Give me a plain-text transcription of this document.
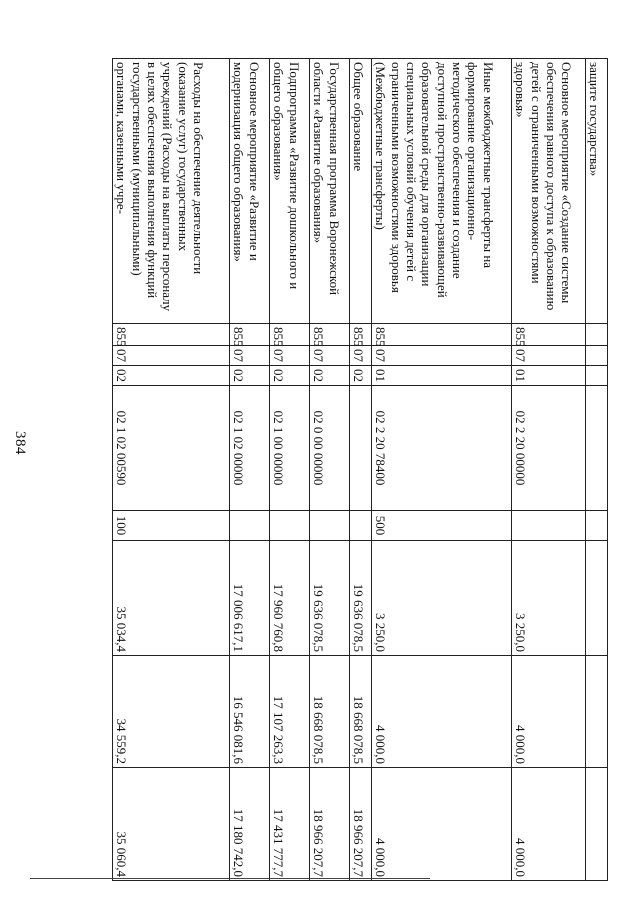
384
защите государства»								
Основное мероприятие «Создание системы обеспечения равного доступа к образованию детей с ограниченными возможностями здоровья»	855	07	01	02 2 20 00000		3 250,0	4 000,0	4 000,0
Иные межбюджетные трансферты на формирование организационно-методического обеспечения и создание доступной пространственно-развивающей образовательной среды для организации специальных условий обучения детей с ограниченными возможностями здоровья (Межбюджетные трансферты)	855	07	01	02 2 20 78400	500	3 250,0	4 000,0	4 000,0
Общее образование	855	07	02			19 636 078,5	18 668 078,5	18 966 207,7
Государственная программа Воронежской области «Развитие образования»	855	07	02	02 0 00 00000		19 636 078,5	18 668 078,5	18 966 207,7
Подпрограмма «Развитие дошкольного и общего образования»	855	07	02	02 1 00 00000		17 960 760,8	17 107 263,3	17 431 777,7
Основное мероприятие «Развитие и модернизация общего образования»	855	07	02	02 1 02 00000		17 006 617,1	16 546 081,6	17 180 742,0
Расходы на обеспечение деятельности (оказание услуг) государственных учреждений (Расходы на выплаты персоналу в целях обеспечения выполнения функций государственными (муниципальными) органами, казенными учре-	855	07	02	02 1 02 00590	100	35 034,4	34 559,2	35 060,4
